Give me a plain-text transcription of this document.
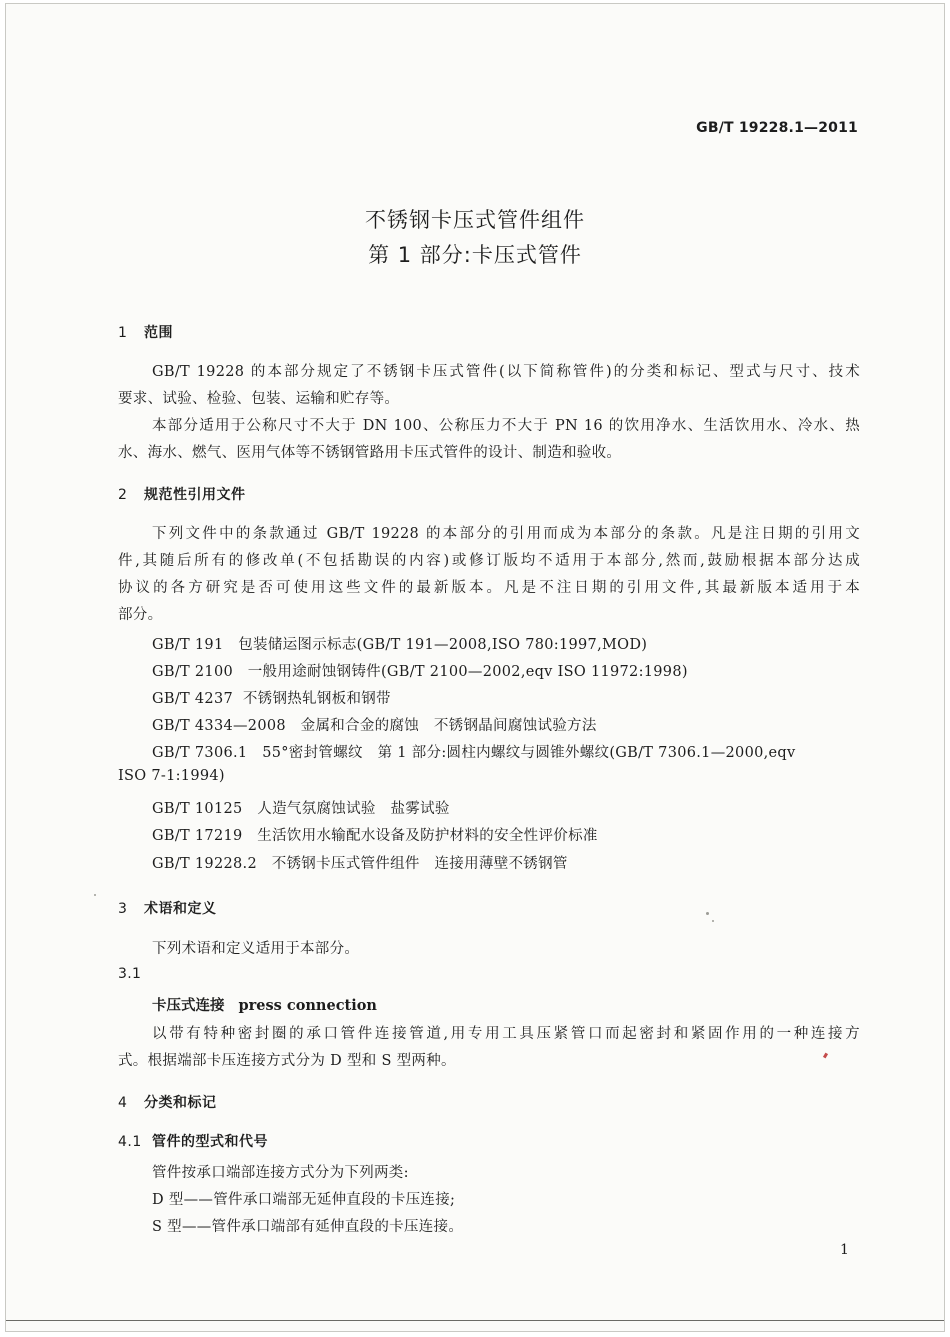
GB/T 19228.1—2011
不锈钢卡压式管件组件
第 1 部分:卡压式管件
1 范围
GB/T 19228 的本部分规定了不锈钢卡压式管件(以下简称管件)的分类和标记、型式与尺寸、技术
要求、试验、检验、包装、运输和贮存等。
本部分适用于公称尺寸不大于 DN 100、公称压力不大于 PN 16 的饮用净水、生活饮用水、冷水、热
水、海水、燃气、医用气体等不锈钢管路用卡压式管件的设计、制造和验收。
2 规范性引用文件
下列文件中的条款通过 GB/T 19228 的本部分的引用而成为本部分的条款。凡是注日期的引用文
件,其随后所有的修改单(不包括勘误的内容)或修订版均不适用于本部分,然而,鼓励根据本部分达成
协议的各方研究是否可使用这些文件的最新版本。凡是不注日期的引用文件,其最新版本适用于本
部分。
GB/T 191 包装储运图示标志(GB/T 191—2008,ISO 780:1997,MOD)
GB/T 2100 一般用途耐蚀钢铸件(GB/T 2100—2002,eqv ISO 11972:1998)
GB/T 4237 不锈钢热轧钢板和钢带
GB/T 4334—2008 金属和合金的腐蚀　不锈钢晶间腐蚀试验方法
GB/T 7306.1 55°密封管螺纹　第 1 部分:圆柱内螺纹与圆锥外螺纹(GB/T 7306.1—2000,eqv
ISO 7-1:1994)
GB/T 10125 人造气氛腐蚀试验　盐雾试验
GB/T 17219 生活饮用水输配水设备及防护材料的安全性评价标准
GB/T 19228.2 不锈钢卡压式管件组件　连接用薄壁不锈钢管
3 术语和定义
下列术语和定义适用于本部分。
3.1
卡压式连接 press connection
以带有特种密封圈的承口管件连接管道,用专用工具压紧管口而起密封和紧固作用的一种连接方
式。根据端部卡压连接方式分为 D 型和 S 型两种。
4 分类和标记
4.1 管件的型式和代号
管件按承口端部连接方式分为下列两类:
D 型——管件承口端部无延伸直段的卡压连接;
S 型——管件承口端部有延伸直段的卡压连接。
1
